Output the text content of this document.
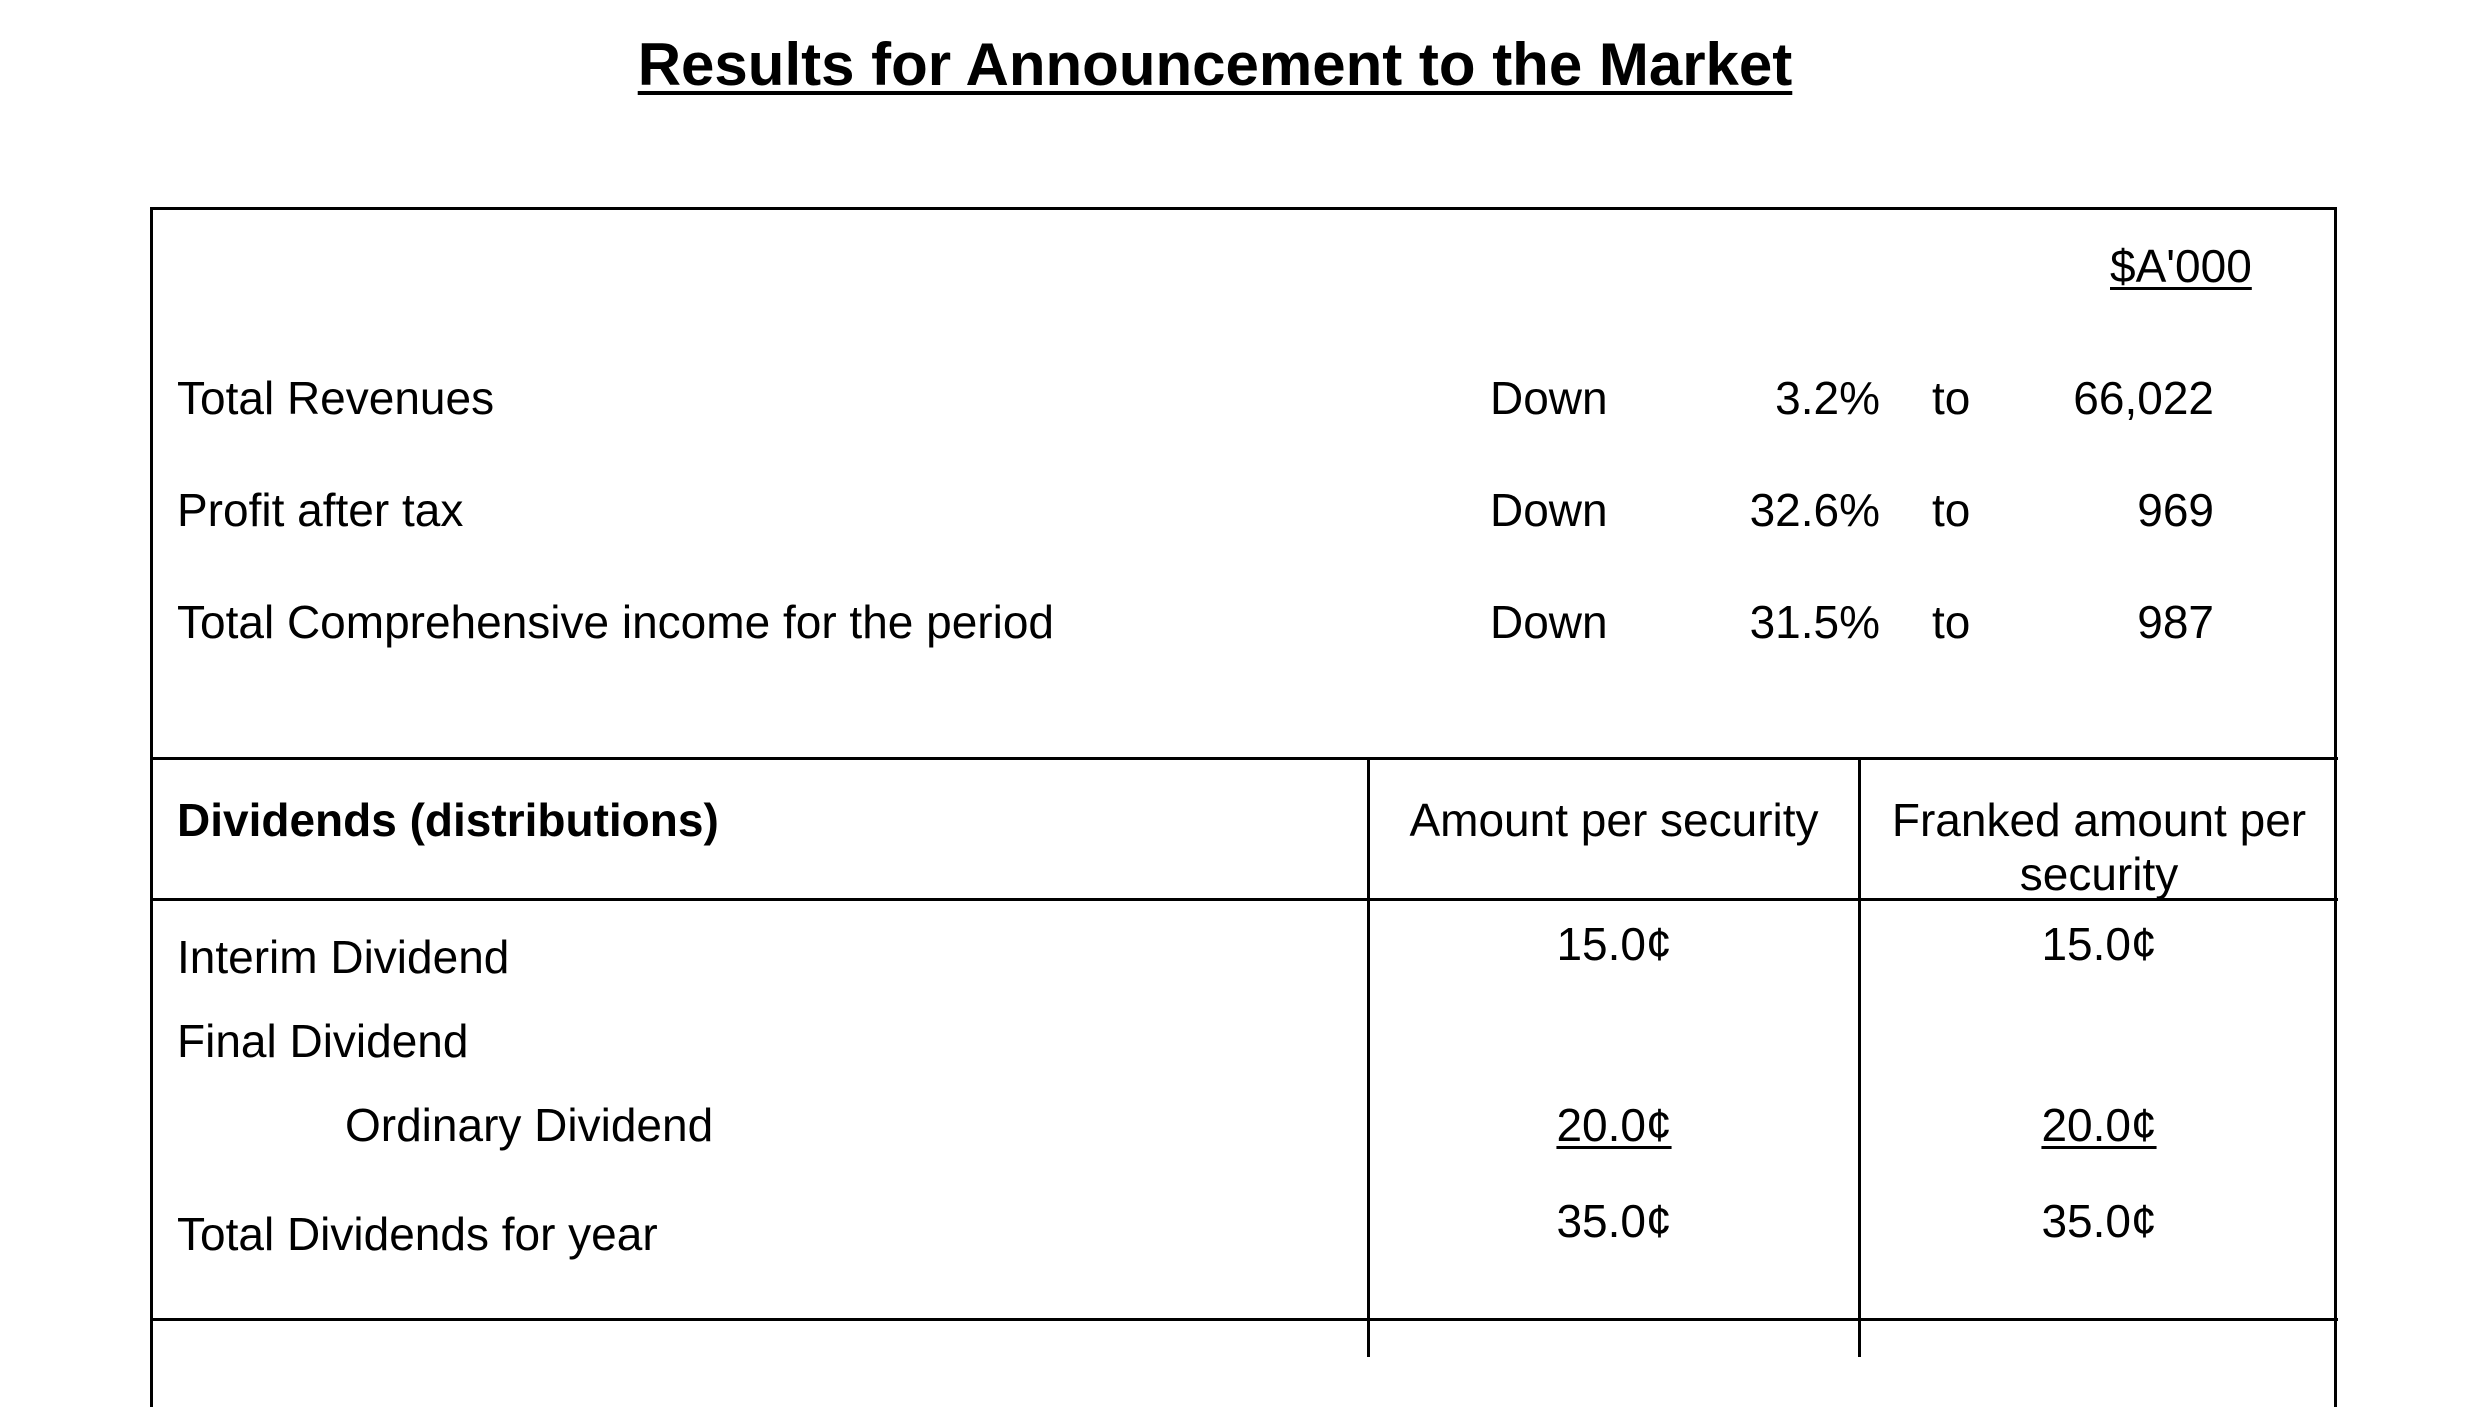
Results for Announcement to the Market
$A'000
Total Revenues	Down	3.2% to	66,022
Profit after tax	Down	32.6% to	969
Total Comprehensive income for the period	Down	31.5% to	987
Dividends (distributions)	Amount per security	Franked amount per security
Interim Dividend	15.0¢	15.0¢
Final Dividend
Ordinary Dividend	20.0¢	20.0¢
Total Dividends for year	35.0¢	35.0¢
